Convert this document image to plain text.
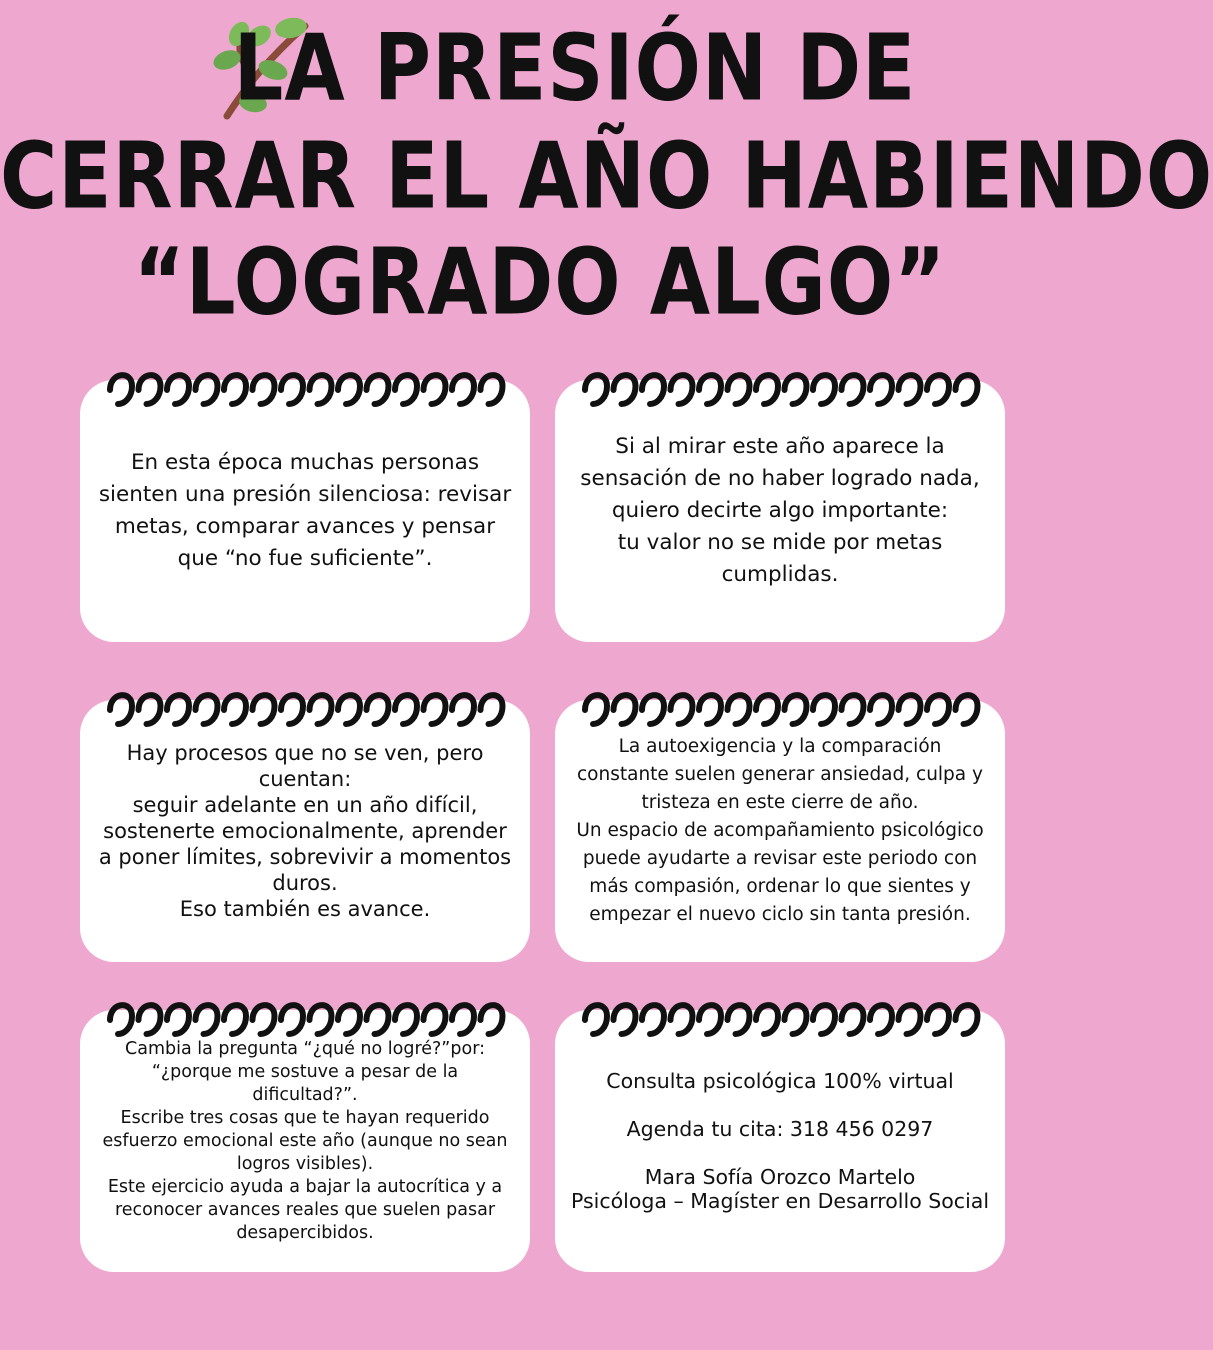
LA PRESIÓN DE
CERRAR EL AÑO HABIENDO
“LOGRADO ALGO”

En esta época muchas personas sienten una presión silenciosa: revisar metas, comparar avances y pensar que “no fue suficiente”.

Si al mirar este año aparece la sensación de no haber logrado nada, quiero decirte algo importante:

tu valor no se mide por metas cumplidas.

Hay procesos que no se ven, pero cuentan:

seguir adelante en un año difícil, sostenerte emocionalmente, aprender a poner límites, sobrevivir a momentos duros.

Eso también es avance.

La autoexigencia y la comparación constante suelen generar ansiedad, culpa y tristeza en este cierre de año.

Un espacio de acompañamiento psicológico puede ayudarte a revisar este periodo con más compasión, ordenar lo que sientes y empezar el nuevo ciclo sin tanta presión.

Cambia la pregunta “¿qué no logré?”por: “¿porque me sostuve a pesar de la dificultad?”.

Escribe tres cosas que te hayan requerido esfuerzo emocional este año (aunque no sean logros visibles).

Este ejercicio ayuda a bajar la autocrítica y a reconocer avances reales que suelen pasar desapercibidos.

Consulta psicológica 100% virtual

Agenda tu cita: 318 456 0297

Mara Sofía Orozco Martelo

Psicóloga – Magíster en Desarrollo Social
